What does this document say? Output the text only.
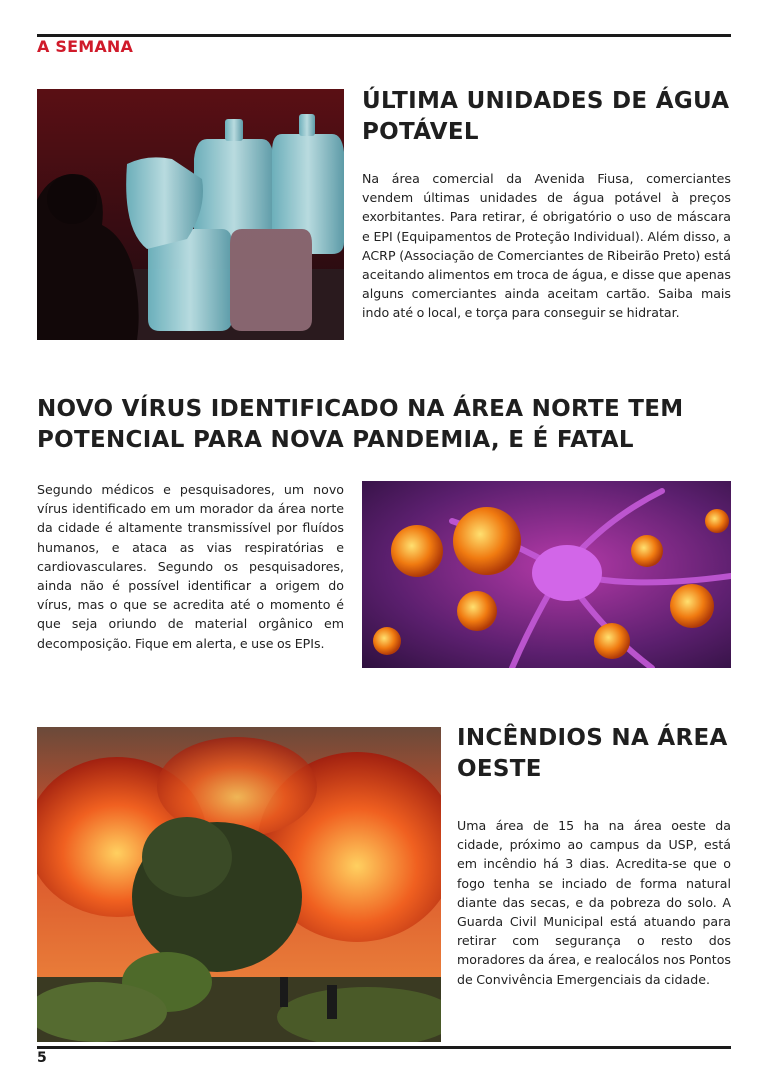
A SEMANA
ÚLTIMA UNIDADES DE ÁGUA POTÁVEL

Na área comercial da Avenida Fiusa, comerciantes vendem últimas unidades de água potável à preços exorbitantes. Para retirar, é obrigatório o uso de máscara e EPI (Equipamentos de Proteção Individual). Além disso, a ACRP (Associação de Comerciantes de Ribeirão Preto) está aceitando alimentos em troca de água, e disse que apenas alguns comerciantes ainda aceitam cartão. Saiba mais indo até o local, e torça para conseguir se hidratar.

NOVO VÍRUS IDENTIFICADO NA ÁREA NORTE TEM POTENCIAL PARA NOVA PANDEMIA, E É FATAL

Segundo médicos e pesquisadores, um novo vírus identificado em um morador da área norte da cidade é altamente transmissível por fluídos humanos, e ataca as vias respiratórias e cardiovasculares. Segundo os pesquisadores, ainda não é possível identificar a origem do vírus, mas o que se acredita até o momento é que seja oriundo de material orgânico em decomposição. Fique em alerta, e use os EPIs.

INCÊNDIOS NA ÁREA OESTE

Uma área de 15 ha na área oeste da cidade, próximo ao campus da USP, está em incêndio há 3 dias. Acredita-se que o fogo tenha se inciado de forma natural diante das secas, e da pobreza do solo. A Guarda Civil Municipal está atuando para retirar com segurança o resto dos moradores da área, e realocálos nos Pontos de Convivência Emergenciais da cidade.

5
